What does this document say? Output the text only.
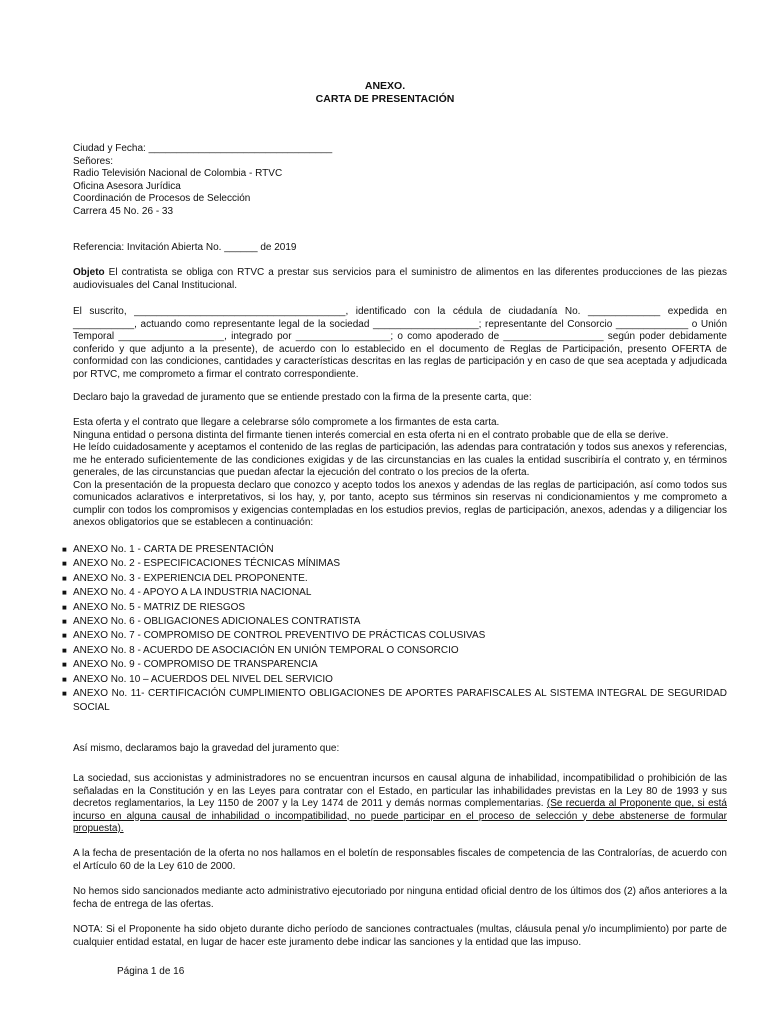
ANEXO.
CARTA DE PRESENTACIÓN
Ciudad y Fecha: _________________________________
Señores:
Radio Televisión Nacional de Colombia - RTVC
Oficina Asesora Jurídica
Coordinación de Procesos de Selección
Carrera 45 No. 26 - 33
Referencia: Invitación Abierta No. ______ de 2019
Objeto El contratista se obliga con RTVC a prestar sus servicios para el suministro de alimentos en las diferentes producciones de las piezas audiovisuales del Canal Institucional.
El suscrito, ______________________________________, identificado con la cédula de ciudadanía No. _____________ expedida en ___________, actuando como representante legal de la sociedad ___________________; representante del Consorcio _____________ o Unión Temporal ___________________, integrado por _________________; o como apoderado de __________________ según poder debidamente conferido y que adjunto a la presente), de acuerdo con lo establecido en el documento de Reglas de Participación, presento OFERTA de conformidad con las condiciones, cantidades y características descritas en las reglas de participación y en caso de que sea aceptada y adjudicada por RTVC, me comprometo a firmar el contrato correspondiente.
Declaro bajo la gravedad de juramento que se entiende prestado con la firma de la presente carta, que:
Esta oferta y el contrato que llegare a celebrarse sólo compromete a los firmantes de esta carta.
Ninguna entidad o persona distinta del firmante tienen interés comercial en esta oferta ni en el contrato probable que de ella se derive.
He leído cuidadosamente y aceptamos el contenido de las reglas de participación, las adendas para contratación y todos sus anexos y referencias, me he enterado suficientemente de las condiciones exigidas y de las circunstancias en las cuales la entidad suscribiría el contrato y, en términos generales, de las circunstancias que puedan afectar la ejecución del contrato o los precios de la oferta.
Con la presentación de la propuesta declaro que conozco y acepto todos los anexos y adendas de las reglas de participación, así como todos sus comunicados aclarativos e interpretativos, si los hay, y, por tanto, acepto sus términos sin reservas ni condicionamientos y me comprometo a cumplir con todos los compromisos y exigencias contempladas en los estudios previos, reglas de participación, anexos, adendas y a diligenciar los anexos obligatorios que se establecen a continuación:
■ ANEXO No. 1 - CARTA DE PRESENTACIÓN
■ ANEXO No. 2 - ESPECIFICACIONES TÉCNICAS MÍNIMAS
■ ANEXO No. 3 - EXPERIENCIA DEL PROPONENTE.
■ ANEXO No. 4 - APOYO A LA INDUSTRIA NACIONAL
■ ANEXO No. 5 - MATRIZ DE RIESGOS
■ ANEXO No. 6 - OBLIGACIONES ADICIONALES CONTRATISTA
■ ANEXO No. 7 - COMPROMISO DE CONTROL PREVENTIVO DE PRÁCTICAS COLUSIVAS
■ ANEXO No. 8 - ACUERDO DE ASOCIACIÓN EN UNIÓN TEMPORAL O CONSORCIO
■ ANEXO No. 9 - COMPROMISO DE TRANSPARENCIA
■ ANEXO No. 10 – ACUERDOS DEL NIVEL DEL SERVICIO
■ ANEXO No. 11- CERTIFICACIÓN CUMPLIMIENTO OBLIGACIONES DE APORTES PARAFISCALES AL SISTEMA INTEGRAL DE SEGURIDAD SOCIAL
Así mismo, declaramos bajo la gravedad del juramento que:
La sociedad, sus accionistas y administradores no se encuentran incursos en causal alguna de inhabilidad, incompatibilidad o prohibición de las señaladas en la Constitución y en las Leyes para contratar con el Estado, en particular las inhabilidades previstas en la Ley 80 de 1993 y sus decretos reglamentarios, la Ley 1150 de 2007 y la Ley 1474 de 2011 y demás normas complementarias. (Se recuerda al Proponente que, si está incurso en alguna causal de inhabilidad o incompatibilidad, no puede participar en el proceso de selección y debe abstenerse de formular propuesta).
A la fecha de presentación de la oferta no nos hallamos en el boletín de responsables fiscales de competencia de las Contralorías, de acuerdo con el Artículo 60 de la Ley 610 de 2000.
No hemos sido sancionados mediante acto administrativo ejecutoriado por ninguna entidad oficial dentro de los últimos dos (2) años anteriores a la fecha de entrega de las ofertas.
NOTA: Si el Proponente ha sido objeto durante dicho período de sanciones contractuales (multas, cláusula penal y/o incumplimiento) por parte de cualquier entidad estatal, en lugar de hacer este juramento debe indicar las sanciones y la entidad que las impuso.
Página 1 de 16
